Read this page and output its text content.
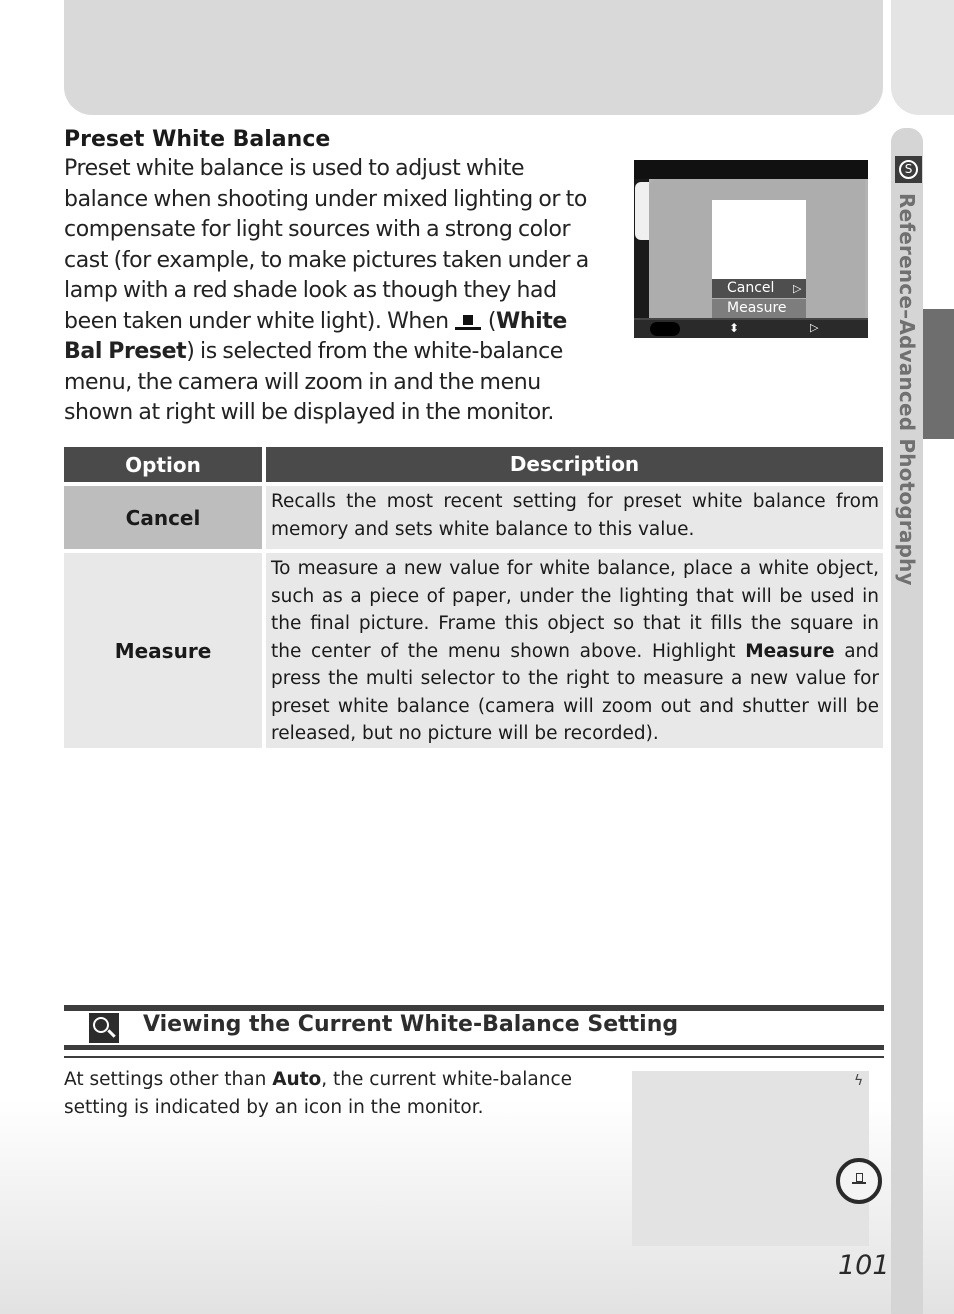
S
Reference–Advanced Photography
Preset White Balance

Preset white balance is used to adjust white balance when shooting under mixed lighting or to compensate for light sources with a strong color cast (for example, to make pictures taken under a lamp with a red shade look as though they had been taken under white light). When
(White Bal Preset) is selected from the white-balance menu, the camera will zoom in and the menu shown at right will be displayed in the monitor.

Cancel ▷
Measure
⬍	▷
Option	Description
Cancel
Recalls the most recent setting for preset white balance from memory and sets white balance to this value.
Measure
To measure a new value for white balance, place a white object, such as a piece of paper, under the lighting that will be used in the final picture. Frame this object so that it fills the square in the center of the menu shown above. Highlight Measure and press the multi selector to the right to measure a new value for preset white balance (camera will zoom out and shutter will be released, but no picture will be recorded).
Viewing the Current White-Balance Setting

At settings other than Auto, the current white-balance setting is indicated by an icon in the monitor.

ϟ

101
